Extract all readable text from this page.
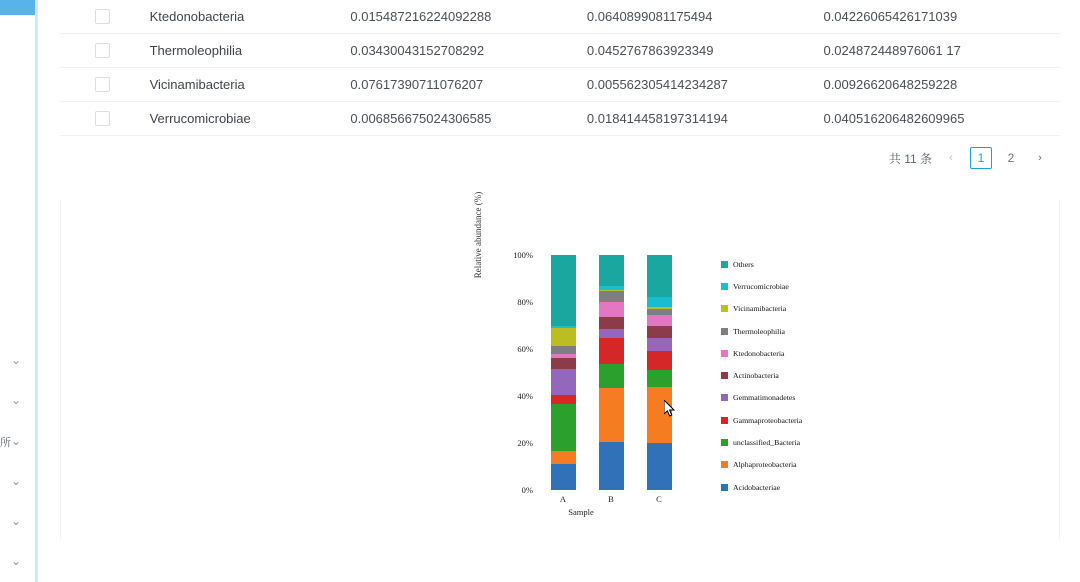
⌄
⌄
所 ⌄
⌄
⌄
⌄
Ktedonobacteria	0.015487216224092288	0.0640899081175494	0.04226065426171039
Thermoleophilia	0.03430043152708292	0.0452767863923349	0.024872448976061 17
Vicinamibacteria	0.07617390711076207	0.005562305414234287	0.00926620648259228
Verrucomicrobiae	0.006856675024306585	0.018414458197314194	0.040516206482609965
共 11 条	‹	1	2	›
Relative abundance (%)
0%
20%
40%
60%
80%
100%
A	B	C
Sample
Others
Verrucomicrobiae
Vicinamibacteria
Thermoleophilia
Ktedonobacteria
Actinobacteria
Gemmatimonadetes
Gammaproteobacteria
unclassified_Bacteria
Alphaproteobacteria
Acidobacteriae
